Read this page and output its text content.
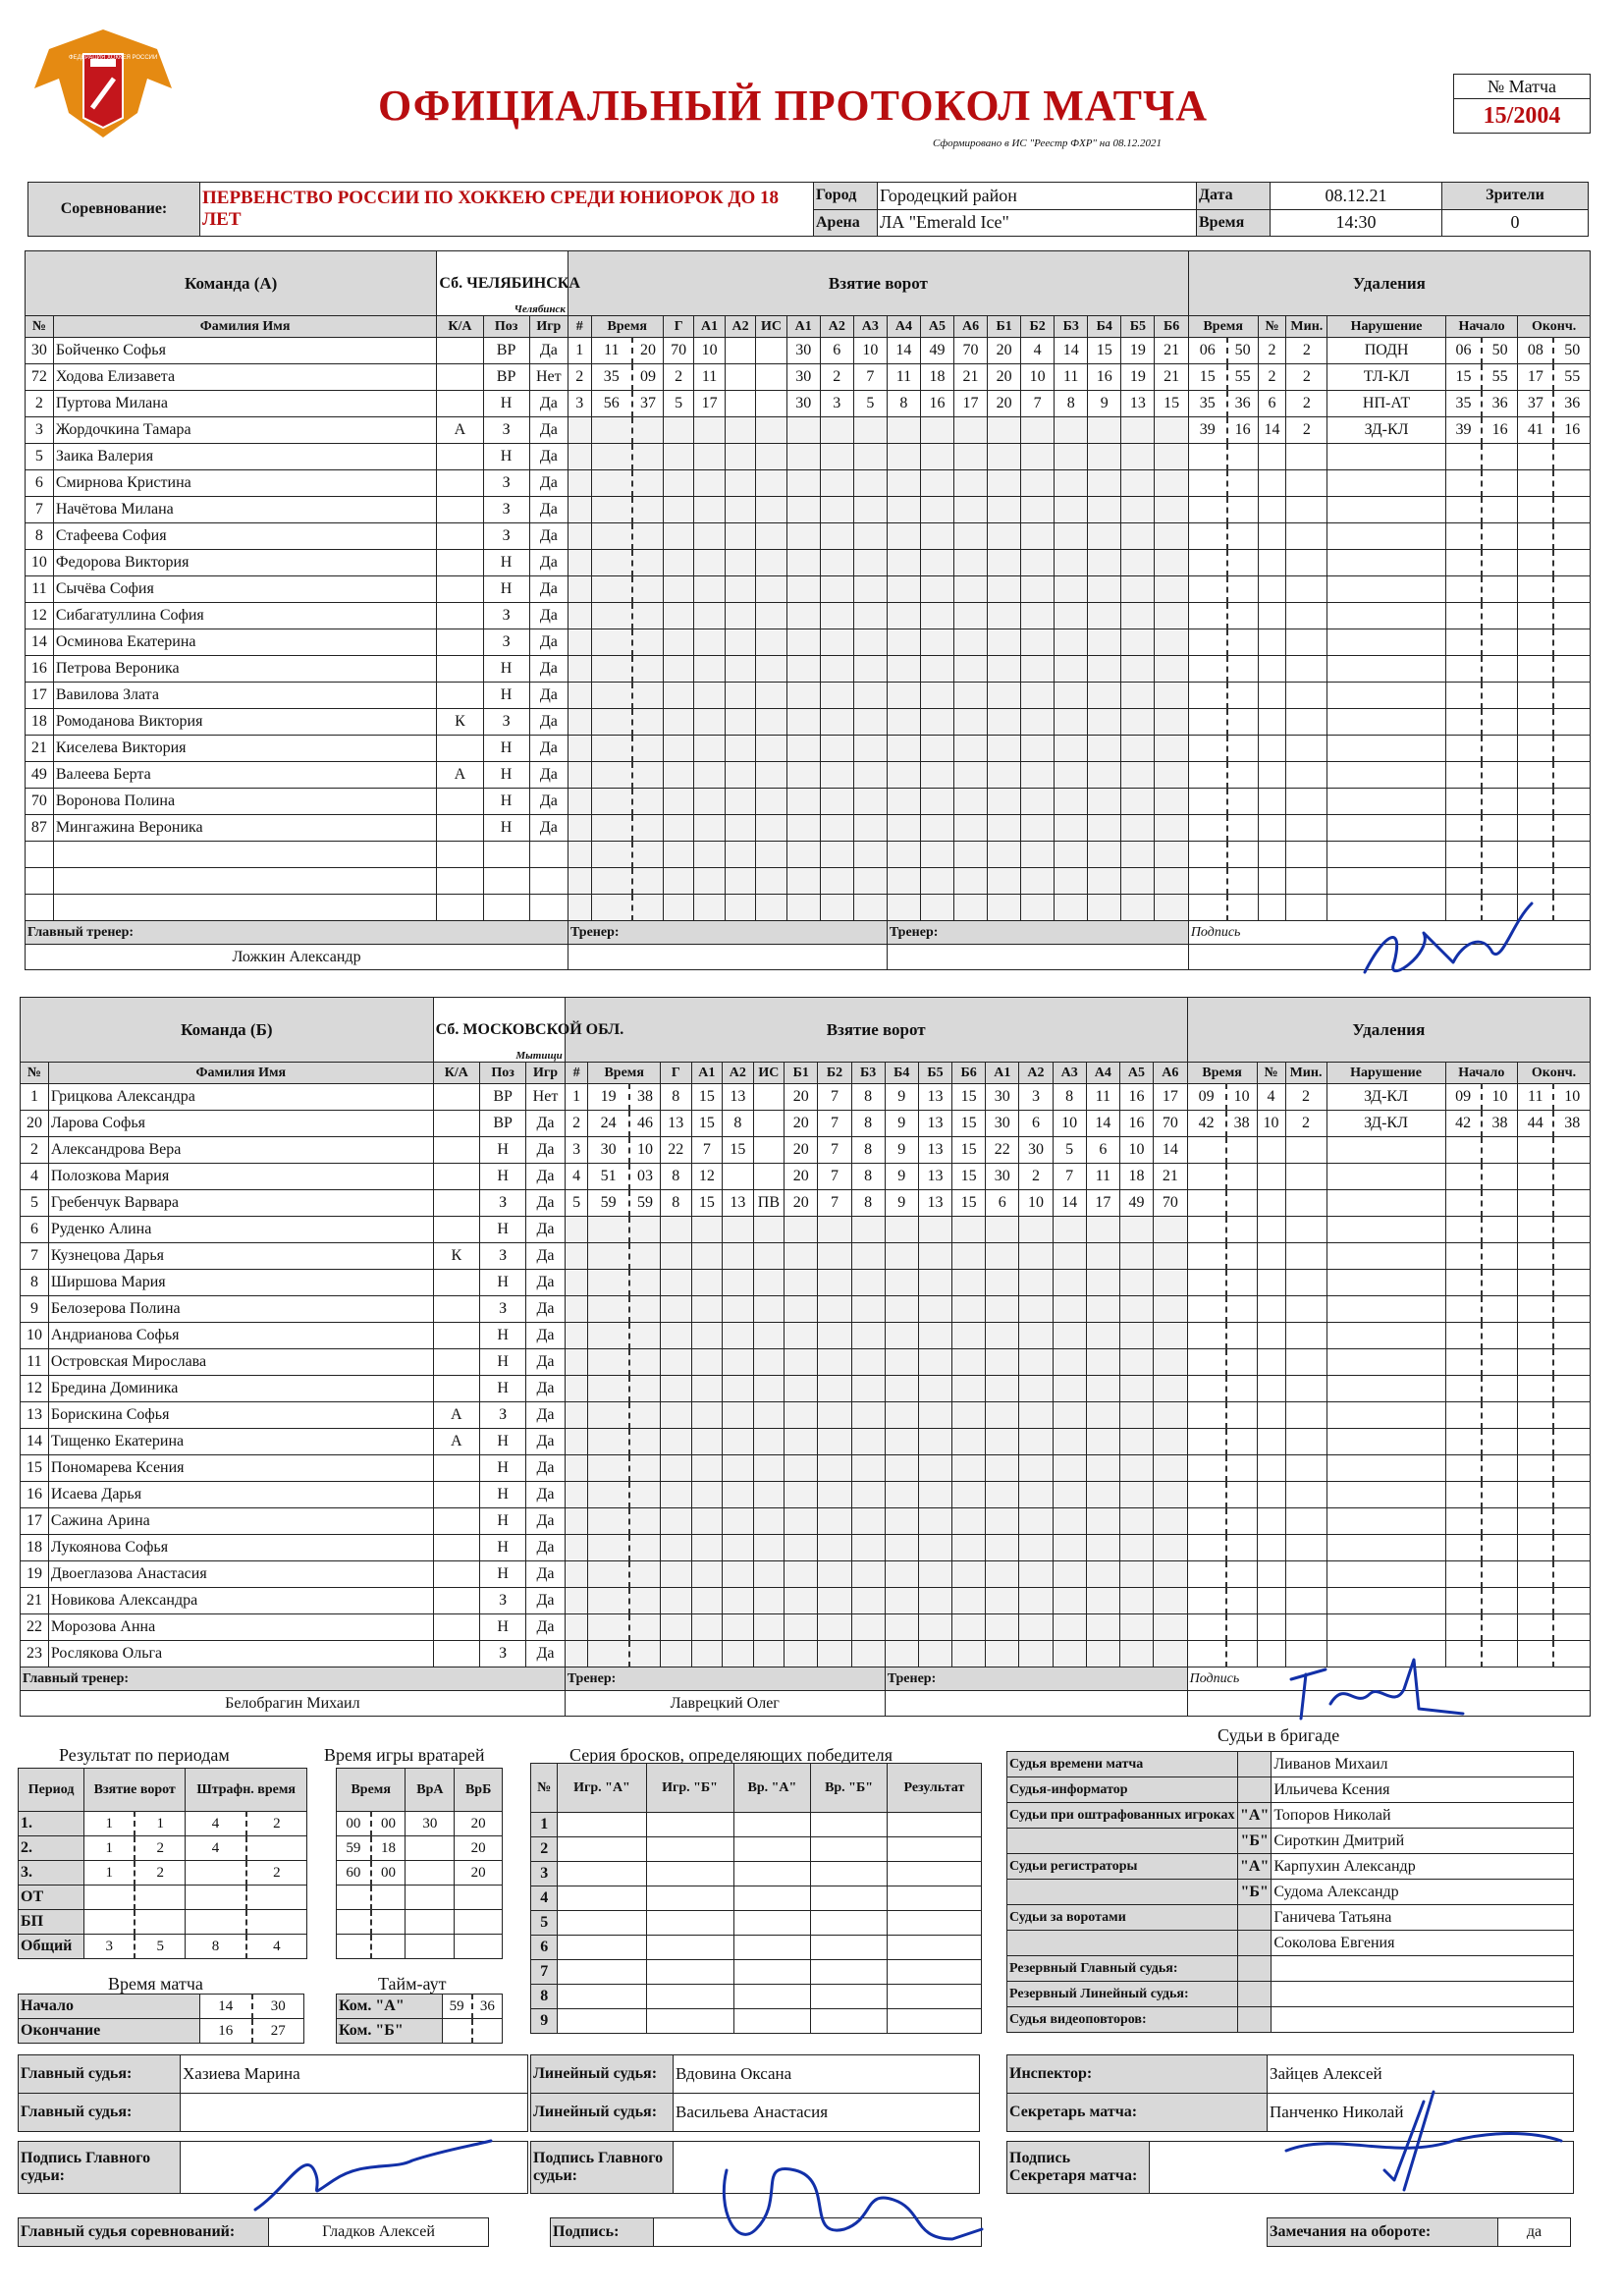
ФЕДЕРАЦИЯ ХОККЕЯ РОССИИ
ОФИЦИАЛЬНЫЙ ПРОТОКОЛ МАТЧА
Сформировано в ИС "Реестр ФХР" на 08.12.2021
№ Матча
15/2004
Соревнование:	ПЕРВЕНСТВО РОССИИ ПО ХОККЕЮ СРЕДИ ЮНИОРОК ДО 18 ЛЕТ	Город	Городецкий район	Дата	08.12.21	Зрители
		Арена	ЛА "Emerald Ice"	Время	14:30	0
Команда (А)		Сб. ЧЕЛЯБИНСКА
Челябинск			Взятие ворот																			Удаления								
№	Фамилия Имя	К/А	Поз	Игр	#	Время		Г	А1	А2	ИС	А1	А2	А3	А4	А5	А6	Б1	Б2	Б3	Б4	Б5	Б6	Время		№	Мин.	Нарушение	Начало		Оконч.	
30	Бойченко Софья		ВР	Да	1	11	20	70	10			30	6	10	14	49	70	20	4	14	15	19	21	06	50	2	2	ПОДН	06	50	08	50
72	Ходова Елизавета		ВР	Нет	2	35	09	2	11			30	2	7	11	18	21	20	10	11	16	19	21	15	55	2	2	ТЛ-КЛ	15	55	17	55
2	Пуртова Милана		Н	Да	3	56	37	5	17			30	3	5	8	16	17	20	7	8	9	13	15	35	36	6	2	НП-АТ	35	36	37	36
3	Жордочкина Тамара	А	З	Да																				39	16	14	2	ЗД-КЛ	39	16	41	16
5	Заика Валерия		Н	Да																												
6	Смирнова Кристина		З	Да																												
7	Начётова Милана		З	Да																												
8	Стафеева София		З	Да																												
10	Федорова Виктория		Н	Да																												
11	Сычёва София		Н	Да																												
12	Сибагатуллина София		З	Да																												
14	Осминова Екатерина		З	Да																												
16	Петрова Вероника		Н	Да																												
17	Вавилова Злата		Н	Да																												
18	Ромоданова Виктория	К	З	Да																												
21	Киселева Виктория		Н	Да																												
49	Валеева Берта	А	Н	Да																												
70	Воронова Полина		Н	Да																												
87	Мингажина Вероника		Н	Да																												

Главный тренер:					Тренер:										Тренер:									Подпись								
Ложкин Александр																																
Команда (Б)		Сб. МОСКОВСКОЙ ОБЛ.
Мытищи			Взятие ворот																			Удаления								
№	Фамилия Имя	К/А	Поз	Игр	#	Время		Г	А1	А2	ИС	Б1	Б2	Б3	Б4	Б5	Б6	А1	А2	А3	А4	А5	А6	Время		№	Мин.	Нарушение	Начало		Оконч.	
1	Грицкова Александра		ВР	Нет	1	19	38	8	15	13		20	7	8	9	13	15	30	3	8	11	16	17	09	10	4	2	ЗД-КЛ	09	10	11	10
20	Ларова Софья		ВР	Да	2	24	46	13	15	8		20	7	8	9	13	15	30	6	10	14	16	70	42	38	10	2	ЗД-КЛ	42	38	44	38
2	Александрова Вера		Н	Да	3	30	10	22	7	15		20	7	8	9	13	15	22	30	5	6	10	14									
4	Полозкова Мария		Н	Да	4	51	03	8	12			20	7	8	9	13	15	30	2	7	11	18	21									
5	Гребенчук Варвара		З	Да	5	59	59	8	15	13	ПВ	20	7	8	9	13	15	6	10	14	17	49	70									
6	Руденко Алина		Н	Да																												
7	Кузнецова Дарья	К	З	Да																												
8	Ширшова Мария		Н	Да																												
9	Белозерова Полина		З	Да																												
10	Андрианова Софья		Н	Да																												
11	Островская Мирослава		Н	Да																												
12	Бредина Доминика		Н	Да																												
13	Борискина Софья	А	З	Да																												
14	Тищенко Екатерина	А	Н	Да																												
15	Пономарева Ксения		Н	Да																												
16	Исаева Дарья		Н	Да																												
17	Сажина Арина		Н	Да																												
18	Лукоянова Софья		Н	Да																												
19	Двоеглазова Анастасия		Н	Да																												
21	Новикова Александра		З	Да																												
22	Морозова Анна		Н	Да																												
23	Рослякова Ольга		З	Да																												
Главный тренер:					Тренер:										Тренер:									Подпись								
Белобрагин Михаил					Лаврецкий Олег																											
Результат по периодам
Период	Взятие ворот		Штрафн. время	
1.	1	1	4	2
2.	1	2	4	
3.	1	2		2
ОТ				
БП				
Общий	3	5	8	4
Время игры вратарей
Время		ВрА	ВрБ
00	00	30	20
59	18		20
60	00		20

Серия бросков, определяющих победителя
№	Игр. "А"	Игр. "Б"	Вр. "А"	Вр. "Б"	Результат
1					
2					
3					
4					
5					
6					
7					
8					
9					
Время матча
Начало	14	30
Окончание	16	27
Тайм-аут
Ком. "А"	59	36
Ком. "Б"		
Судьи в бригаде
Судья времени матча		Ливанов Михаил
Судья-информатор		Ильичева Ксения
Судьи при оштрафованных игроках	"А"	Топоров Николай
	"Б"	Сироткин Дмитрий
Судьи регистраторы	"А"	Карпухин Александр
	"Б"	Судома Александр
Судьи за воротами		Ганичева Татьяна
		Соколова Евгения
Резервный Главный судья:		
Резервный Линейный судья:		
Судья видеоповторов:		
Главный судья:	Хазиева Марина
Главный судья:	
Линейный судья:	Вдовина Оксана
Линейный судья:	Васильева Анастасия
Инспектор:	Зайцев Алексей
Секретарь матча:	Панченко Николай
Подпись Главного судьи:	
Подпись Главного судьи:	
Подпись Секретаря матча:	
Главный судья соревнований:	Гладков Алексей	Подпись:		Замечания на обороте:	да
